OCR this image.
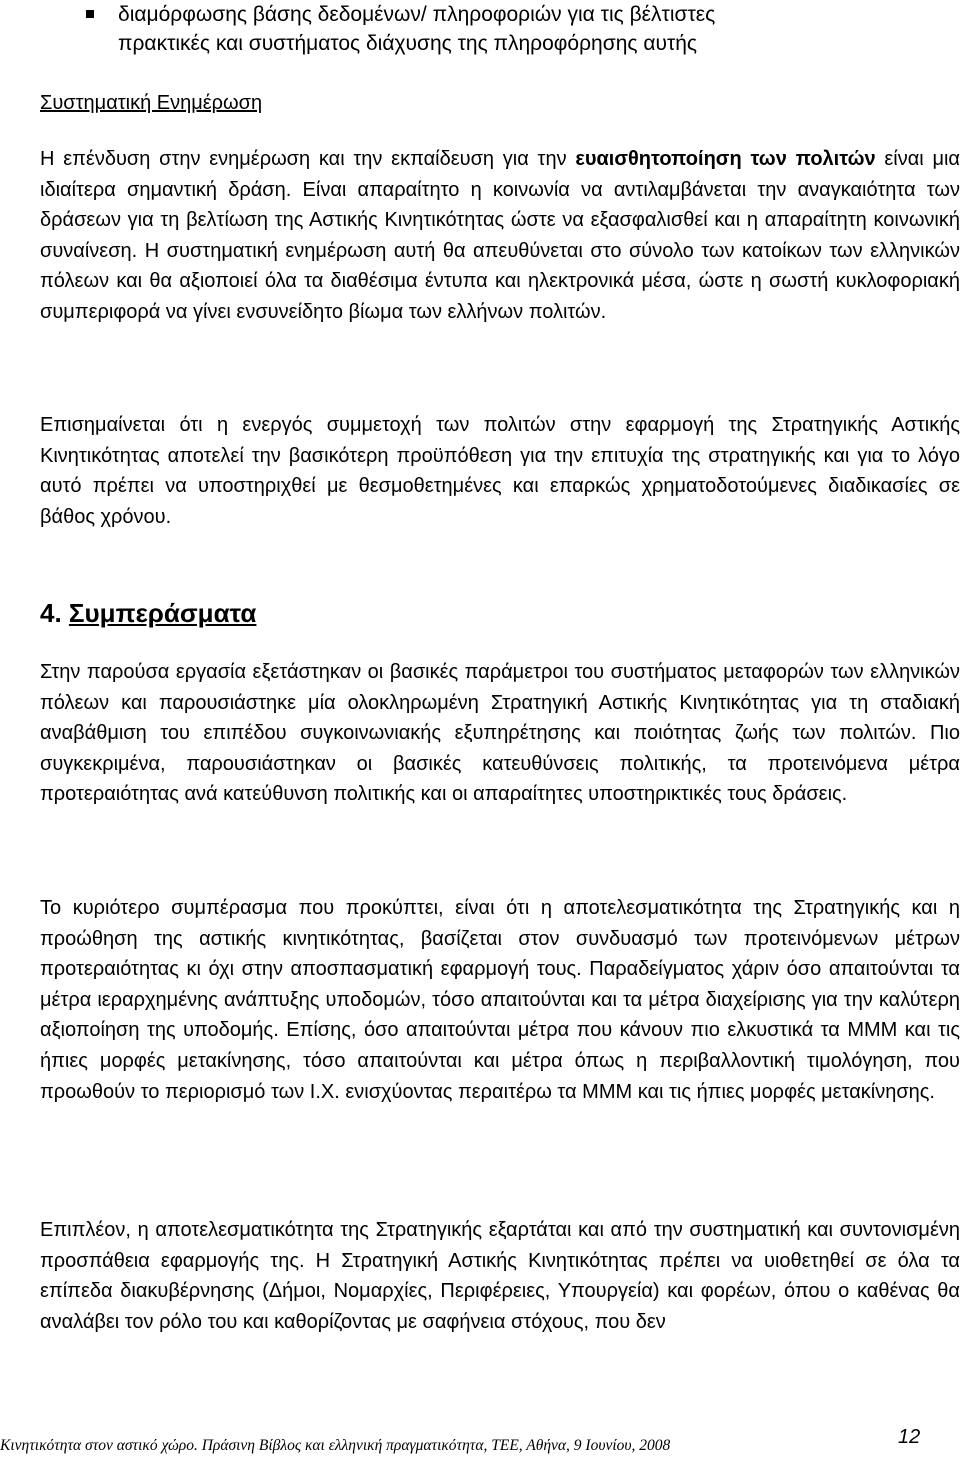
διαμόρφωσης βάσης δεδομένων/ πληροφοριών για τις βέλτιστες
πρακτικές και συστήματος διάχυσης της πληροφόρησης αυτής
Συστηματική Ενημέρωση
Η επένδυση στην ενημέρωση και την εκπαίδευση για την ευαισθητοποίηση των πολιτών είναι μια ιδιαίτερα σημαντική δράση. Είναι απαραίτητο η κοινωνία να αντιλαμβάνεται την αναγκαιότητα των δράσεων για τη βελτίωση της Αστικής Κινητικότητας ώστε να εξασφαλισθεί και η απαραίτητη κοινωνική συναίνεση. Η συστηματική ενημέρωση αυτή θα απευθύνεται στο σύνολο των κατοίκων των ελληνικών πόλεων και θα αξιοποιεί όλα τα διαθέσιμα έντυπα και ηλεκτρονικά μέσα, ώστε η σωστή κυκλοφοριακή συμπεριφορά να γίνει ενσυνείδητο βίωμα των ελλήνων πολιτών.
Επισημαίνεται ότι η ενεργός συμμετοχή των πολιτών στην εφαρμογή της Στρατηγικής Αστικής Κινητικότητας αποτελεί την βασικότερη προϋπόθεση για την επιτυχία της στρατηγικής και για το λόγο αυτό πρέπει να υποστηριχθεί με θεσμοθετημένες και επαρκώς χρηματοδοτούμενες διαδικασίες σε βάθος χρόνου.
4. Συμπεράσματα
Στην παρούσα εργασία εξετάστηκαν οι βασικές παράμετροι του συστήματος μεταφορών των ελληνικών πόλεων και παρουσιάστηκε μία ολοκληρωμένη Στρατηγική Αστικής Κινητικότητας για τη σταδιακή αναβάθμιση του επιπέδου συγκοινωνιακής εξυπηρέτησης και ποιότητας ζωής των πολιτών. Πιο συγκεκριμένα, παρουσιάστηκαν οι βασικές κατευθύνσεις πολιτικής, τα προτεινόμενα μέτρα προτεραιότητας ανά κατεύθυνση πολιτικής και οι απαραίτητες υποστηρικτικές τους δράσεις.
Το κυριότερο συμπέρασμα που προκύπτει, είναι ότι η αποτελεσματικότητα της Στρατηγικής και η προώθηση της αστικής κινητικότητας, βασίζεται στον συνδυασμό των προτεινόμενων μέτρων προτεραιότητας κι όχι στην αποσπασματική εφαρμογή τους. Παραδείγματος χάριν όσο απαιτούνται τα μέτρα ιεραρχημένης ανάπτυξης υποδομών, τόσο απαιτούνται και τα μέτρα διαχείρισης για την καλύτερη αξιοποίηση της υποδομής. Επίσης, όσο απαιτούνται μέτρα που κάνουν πιο ελκυστικά τα ΜΜΜ και τις ήπιες μορφές μετακίνησης, τόσο απαιτούνται και μέτρα όπως η περιβαλλοντική τιμολόγηση, που προωθούν το περιορισμό των Ι.Χ. ενισχύοντας περαιτέρω τα ΜΜΜ και τις ήπιες μορφές μετακίνησης.
Επιπλέον, η αποτελεσματικότητα της Στρατηγικής εξαρτάται και από την συστηματική και συντονισμένη προσπάθεια εφαρμογής της. Η Στρατηγική Αστικής Κινητικότητας πρέπει να υιοθετηθεί σε όλα τα επίπεδα διακυβέρνησης (Δήμοι, Νομαρχίες, Περιφέρειες, Υπουργεία) και φορέων, όπου ο καθένας θα αναλάβει τον ρόλο του και καθορίζοντας με σαφήνεια στόχους, που δεν
Κινητικότητα στον αστικό χώρο. Πράσινη Βίβλος και ελληνική πραγματικότητα, ΤΕΕ, Αθήνα, 9 Ιουνίου, 2008	12
